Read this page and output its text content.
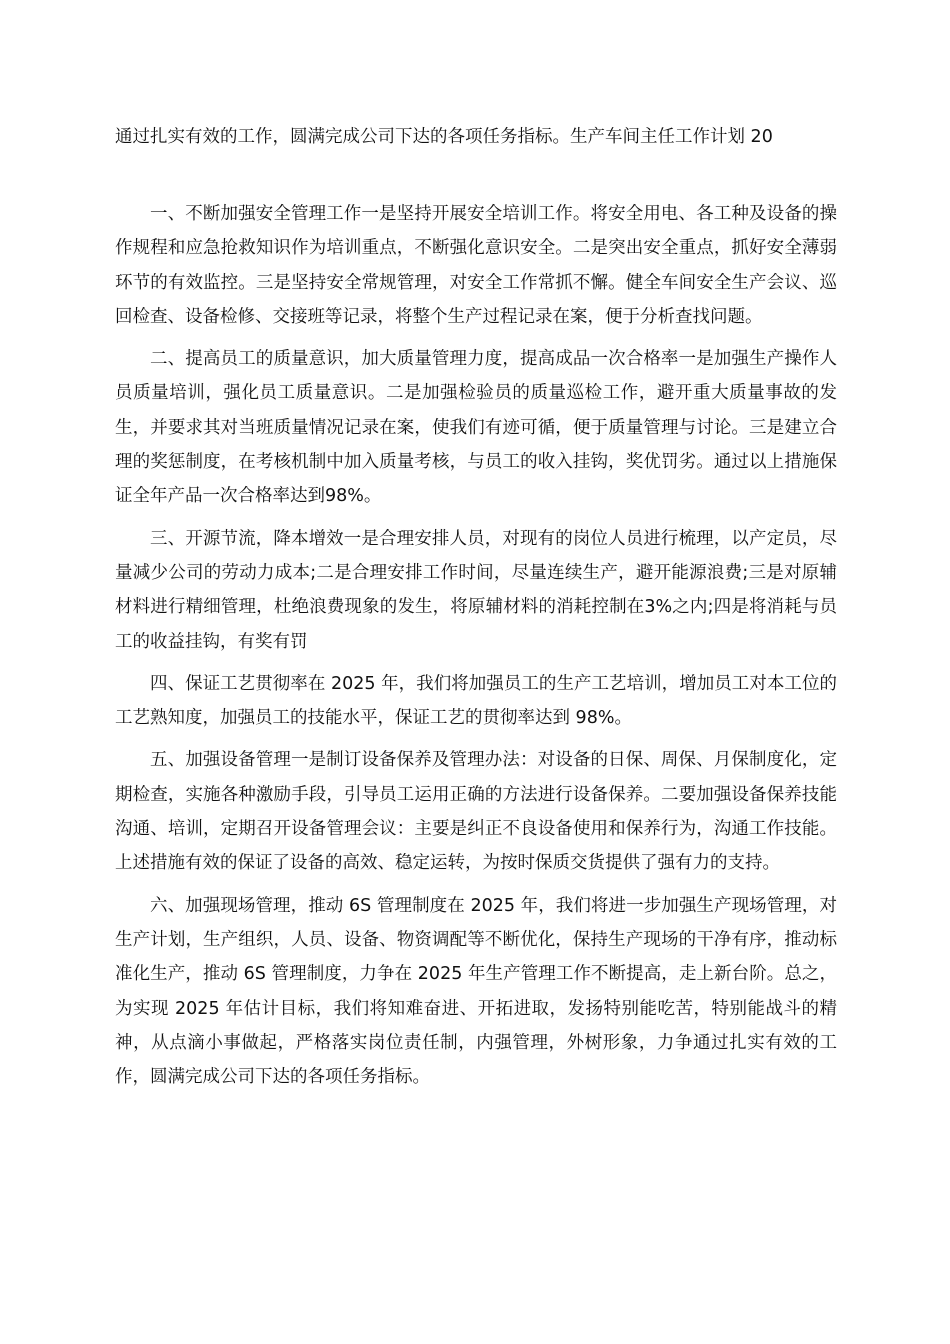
通过扎实有效的工作，圆满完成公司下达的各项任务指标。生产车间主任工作计划 20

一、不断加强安全管理工作一是坚持开展安全培训工作。将安全用电、各工种及设备的操作规程和应急抢救知识作为培训重点，不断强化意识安全。二是突出安全重点，抓好安全薄弱环节的有效监控。三是坚持安全常规管理，对安全工作常抓不懈。健全车间安全生产会议、巡回检查、设备检修、交接班等记录，将整个生产过程记录在案，便于分析查找问题。

二、提高员工的质量意识，加大质量管理力度，提高成品一次合格率一是加强生产操作人员质量培训，强化员工质量意识。二是加强检验员的质量巡检工作，避开重大质量事故的发生，并要求其对当班质量情况记录在案，使我们有迹可循，便于质量管理与讨论。三是建立合理的奖惩制度，在考核机制中加入质量考核，与员工的收入挂钩，奖优罚劣。通过以上措施保证全年产品一次合格率达到98%。

三、开源节流，降本增效一是合理安排人员，对现有的岗位人员进行梳理，以产定员，尽量减少公司的劳动力成本;二是合理安排工作时间，尽量连续生产，避开能源浪费;三是对原辅材料进行精细管理，杜绝浪费现象的发生，将原辅材料的消耗控制在3%之内;四是将消耗与员工的收益挂钩，有奖有罚

四、保证工艺贯彻率在 2025 年，我们将加强员工的生产工艺培训，增加员工对本工位的工艺熟知度，加强员工的技能水平，保证工艺的贯彻率达到 98%。

五、加强设备管理一是制订设备保养及管理办法：对设备的日保、周保、月保制度化，定期检查，实施各种激励手段，引导员工运用正确的方法进行设备保养。二要加强设备保养技能沟通、培训，定期召开设备管理会议：主要是纠正不良设备使用和保养行为，沟通工作技能。上述措施有效的保证了设备的高效、稳定运转，为按时保质交货提供了强有力的支持。

六、加强现场管理，推动 6S 管理制度在 2025 年，我们将进一步加强生产现场管理，对生产计划，生产组织，人员、设备、物资调配等不断优化，保持生产现场的干净有序，推动标准化生产，推动 6S 管理制度，力争在 2025 年生产管理工作不断提高，走上新台阶。总之，为实现 2025 年估计目标，我们将知难奋进、开拓进取，发扬特别能吃苦，特别能战斗的精神，从点滴小事做起，严格落实岗位责任制，内强管理，外树形象，力争通过扎实有效的工作，圆满完成公司下达的各项任务指标。
